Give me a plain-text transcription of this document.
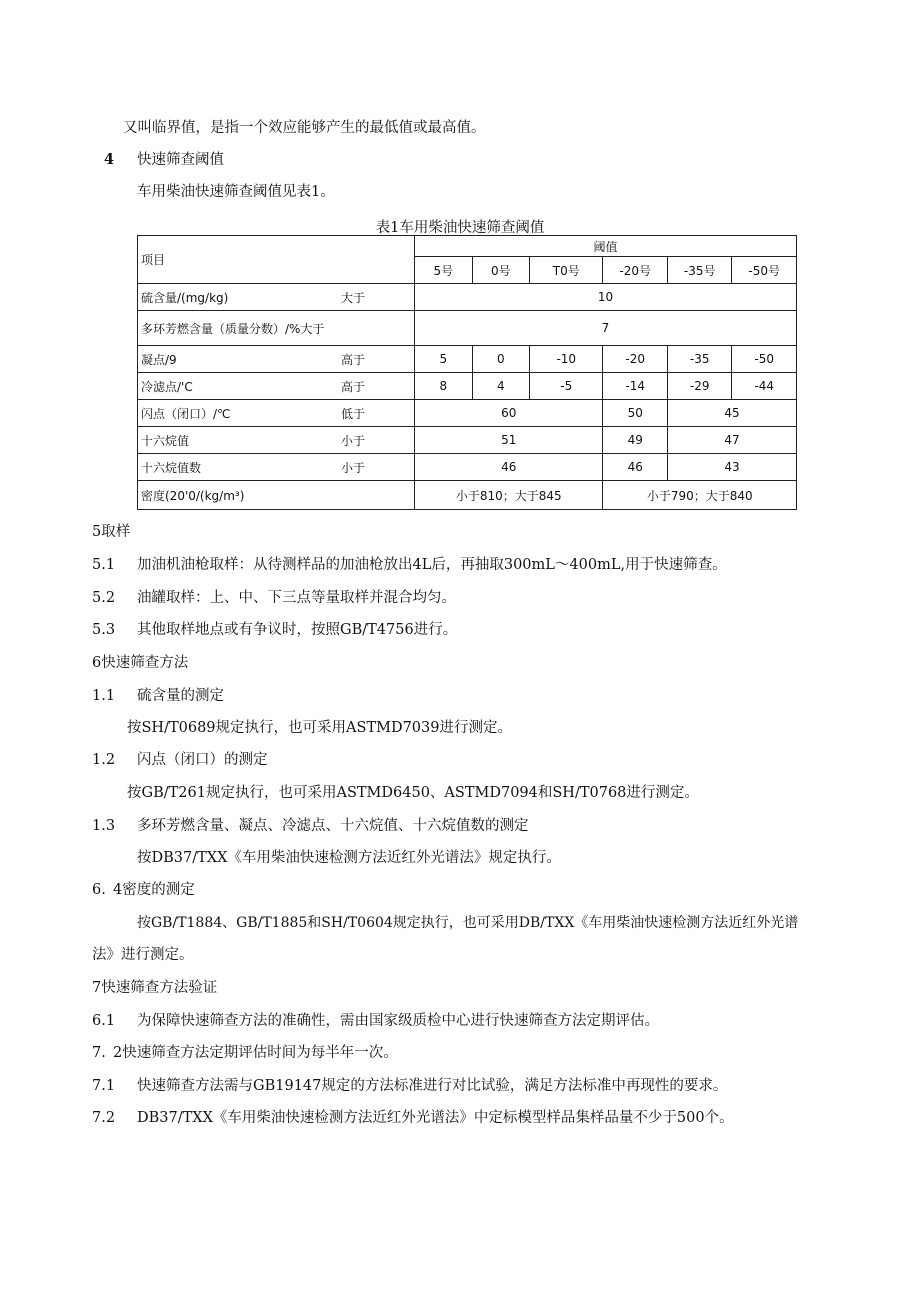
又叫临界值，是指一个效应能够产生的最低值或最高值。
4 快速筛查阈值
车用柴油快速筛查阈值见表1。
表1车用柴油快速筛查阈值
项目	阈值					
	5号	0号	T0号	-20号	-35号	-50号

硫含量/(mg/kg) 大于	10					
多环芳燃含量（质量分数）/%大于	7					

凝点/9 高于	5	0	-10	-20	-35	-50

冷滤点/'C 高于	8	4	-5	-14	-29	-44

闪点（闭口）/℃ 低于	60			50	45	

十六烷值 小于	51			49	47	

十六烷值数 小于	46			46	43	
密度(20'0/(kg/m³)	小于810；大于845			小于790；大于840		
5取样
5.1 加油机油枪取样：从待测样品的加油枪放出4L后，再抽取300mL～400mL,用于快速筛查。
5.2 油罐取样：上、中、下三点等量取样并混合均匀。
5.3 其他取样地点或有争议时，按照GB/T4756进行。
6快速筛查方法
1.1 硫含量的测定
按SH/T0689规定执行，也可采用ASTMD7039进行测定。
1.2 闪点（闭口）的测定
按GB/T261规定执行，也可采用ASTMD6450、ASTMD7094和SH/T0768进行测定。
1.3 多环芳燃含量、凝点、冷滤点、十六烷值、十六烷值数的测定
按DB37/TXX《车用柴油快速检测方法近红外光谱法》规定执行。
6. 4密度的测定
按GB/T1884、GB/T1885和SH/T0604规定执行，也可采用DB/TXX《车用柴油快速检测方法近红外光谱
法》进行测定。
7快速筛查方法验证
6.1 为保障快速筛查方法的准确性，需由国家级质检中心进行快速筛查方法定期评估。
7. 2快速筛查方法定期评估时间为每半年一次。
7.1 快速筛查方法需与GB19147规定的方法标准进行对比试验，满足方法标准中再现性的要求。
7.2 DB37/TXX《车用柴油快速检测方法近红外光谱法》中定标模型样品集样品量不少于500个。
